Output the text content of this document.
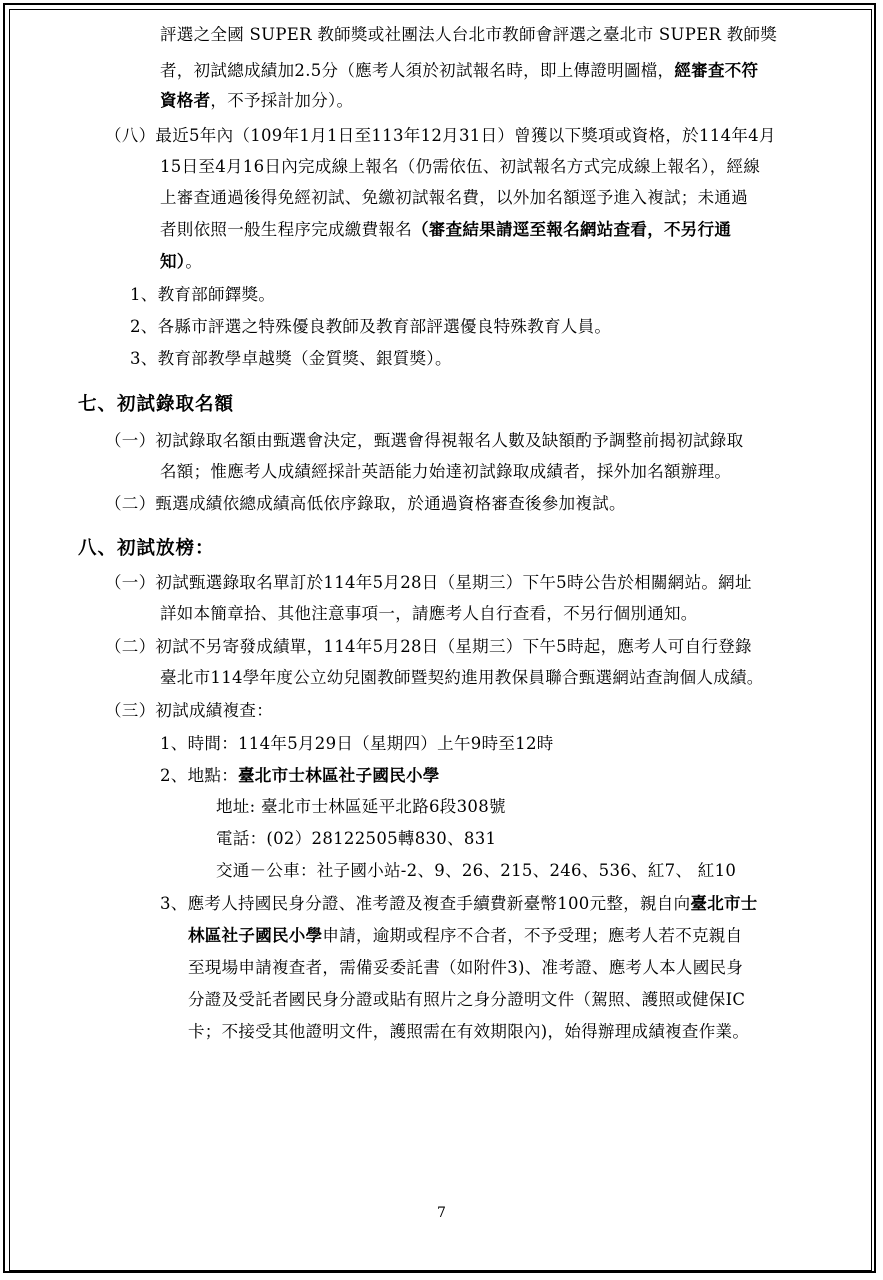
評選之全國 SUPER 教師獎或社團法人台北市教師會評選之臺北市 SUPER 教師獎
者，初試總成績加2.5分（應考人須於初試報名時，即上傳證明圖檔，經審查不符
資格者，不予採計加分）。
（八）最近5年內（109年1月1日至113年12月31日）曾獲以下獎項或資格，於114年4月
15日至4月16日內完成線上報名（仍需依伍、初試報名方式完成線上報名），經線
上審查通過後得免經初試、免繳初試報名費，以外加名額逕予進入複試；未通過
者則依照一般生程序完成繳費報名（審查結果請逕至報名網站查看，不另行通
知）。
1、教育部師鐸獎。
2、各縣市評選之特殊優良教師及教育部評選優良特殊教育人員。
3、教育部教學卓越獎（金質獎、銀質獎）。
七、初試錄取名額
（一）初試錄取名額由甄選會決定，甄選會得視報名人數及缺額酌予調整前揭初試錄取
名額；惟應考人成績經採計英語能力始達初試錄取成績者，採外加名額辦理。
（二）甄選成績依總成績高低依序錄取，於通過資格審查後參加複試。
八、初試放榜：
（一）初試甄選錄取名單訂於114年5月28日（星期三）下午5時公告於相關網站。網址
詳如本簡章拾、其他注意事項一，請應考人自行查看，不另行個別通知。
（二）初試不另寄發成績單，114年5月28日（星期三）下午5時起，應考人可自行登錄
臺北市114學年度公立幼兒園教師暨契約進用教保員聯合甄選網站查詢個人成績。
（三）初試成績複查：
1、時間：114年5月29日（星期四）上午9時至12時
2、地點：臺北市士林區社子國民小學
地址: 臺北市士林區延平北路6段308號
電話：(02）28122505轉830、831
交通－公車：社子國小站-2、9、26、215、246、536、紅7、 紅10
3、應考人持國民身分證、准考證及複查手續費新臺幣100元整，親自向臺北市士
林區社子國民小學申請，逾期或程序不合者，不予受理；應考人若不克親自
至現場申請複查者，需備妥委託書（如附件3)、准考證、應考人本人國民身
分證及受託者國民身分證或貼有照片之身分證明文件（駕照、護照或健保IC
卡；不接受其他證明文件，護照需在有效期限內)，始得辦理成績複查作業。
7
